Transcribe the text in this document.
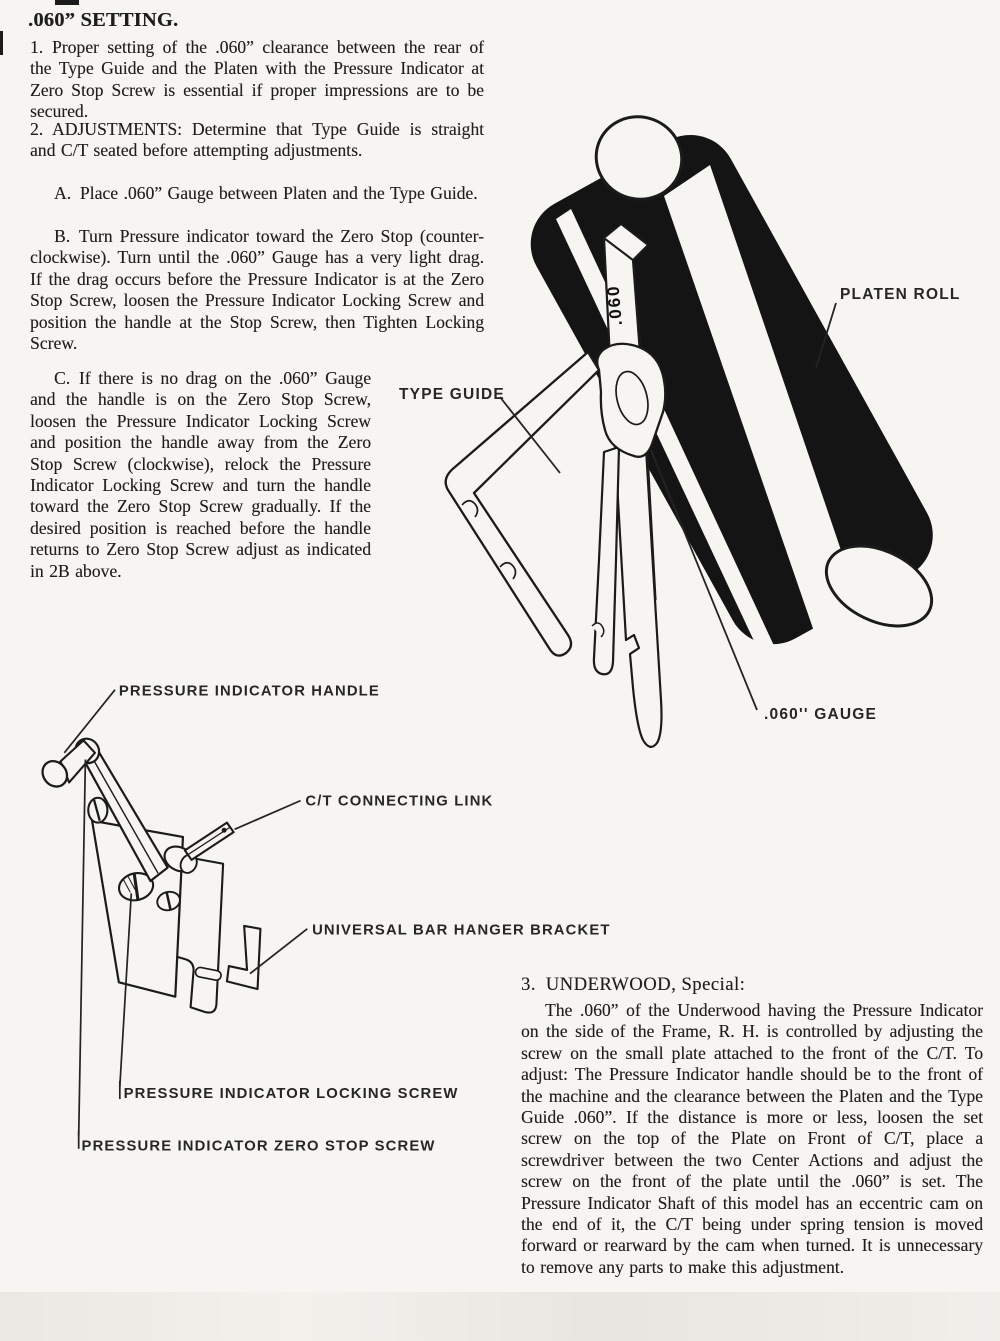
.060” SETTING.
1. Proper setting of the .060” clearance between the rear of the Type Guide and the Platen with the Pressure Indicator at Zero Stop Screw is essential if proper impressions are to be secured.
2. ADJUSTMENTS: Determine that Type Guide is straight and C/T seated before attempting adjustments.
A. Place .060” Gauge between Platen and the Type Guide.
B. Turn Pressure indicator toward the Zero Stop (counter-clockwise). Turn until the .060” Gauge has a very light drag. If the drag occurs before the Pressure Indicator is at the Zero Stop Screw, loosen the Pressure Indicator Locking Screw and position the handle at the Stop Screw, then Tighten Locking Screw.
C. If there is no drag on the .060” Gauge and the handle is on the Zero Stop Screw, loosen the Pressure Indicator Locking Screw and position the handle away from the Zero Stop Screw (clockwise), relock the Pressure Indicator Locking Screw and turn the handle toward the Zero Stop Screw gradually. If the desired position is reached before the handle returns to Zero Stop Screw adjust as indicated in 2B above.
3. UNDERWOOD, Special:
The .060” of the Underwood having the Pressure Indicator on the side of the Frame, R. H. is controlled by adjusting the screw on the small plate attached to the front of the C/T. To adjust: The Pressure Indicator handle should be to the front of the machine and the clearance between the Platen and the Type Guide .060”. If the distance is more or less, loosen the set screw on the top of the Plate on Front of C/T, place a screwdriver between the two Center Actions and adjust the screw on the front of the plate until the .060” is set. The Pressure Indicator Shaft of this model has an eccentric cam on the end of it, the C/T being under spring tension is moved forward or rearward by the cam when turned. It is unnecessary to remove any parts to make this adjustment.
.060	PLATEN ROLL
TYPE GUIDE
.060'' GAUGE
PRESSURE INDICATOR HANDLE
C/T CONNECTING LINK
UNIVERSAL BAR HANGER BRACKET
PRESSURE INDICATOR LOCKING SCREW
PRESSURE INDICATOR ZERO STOP SCREW
